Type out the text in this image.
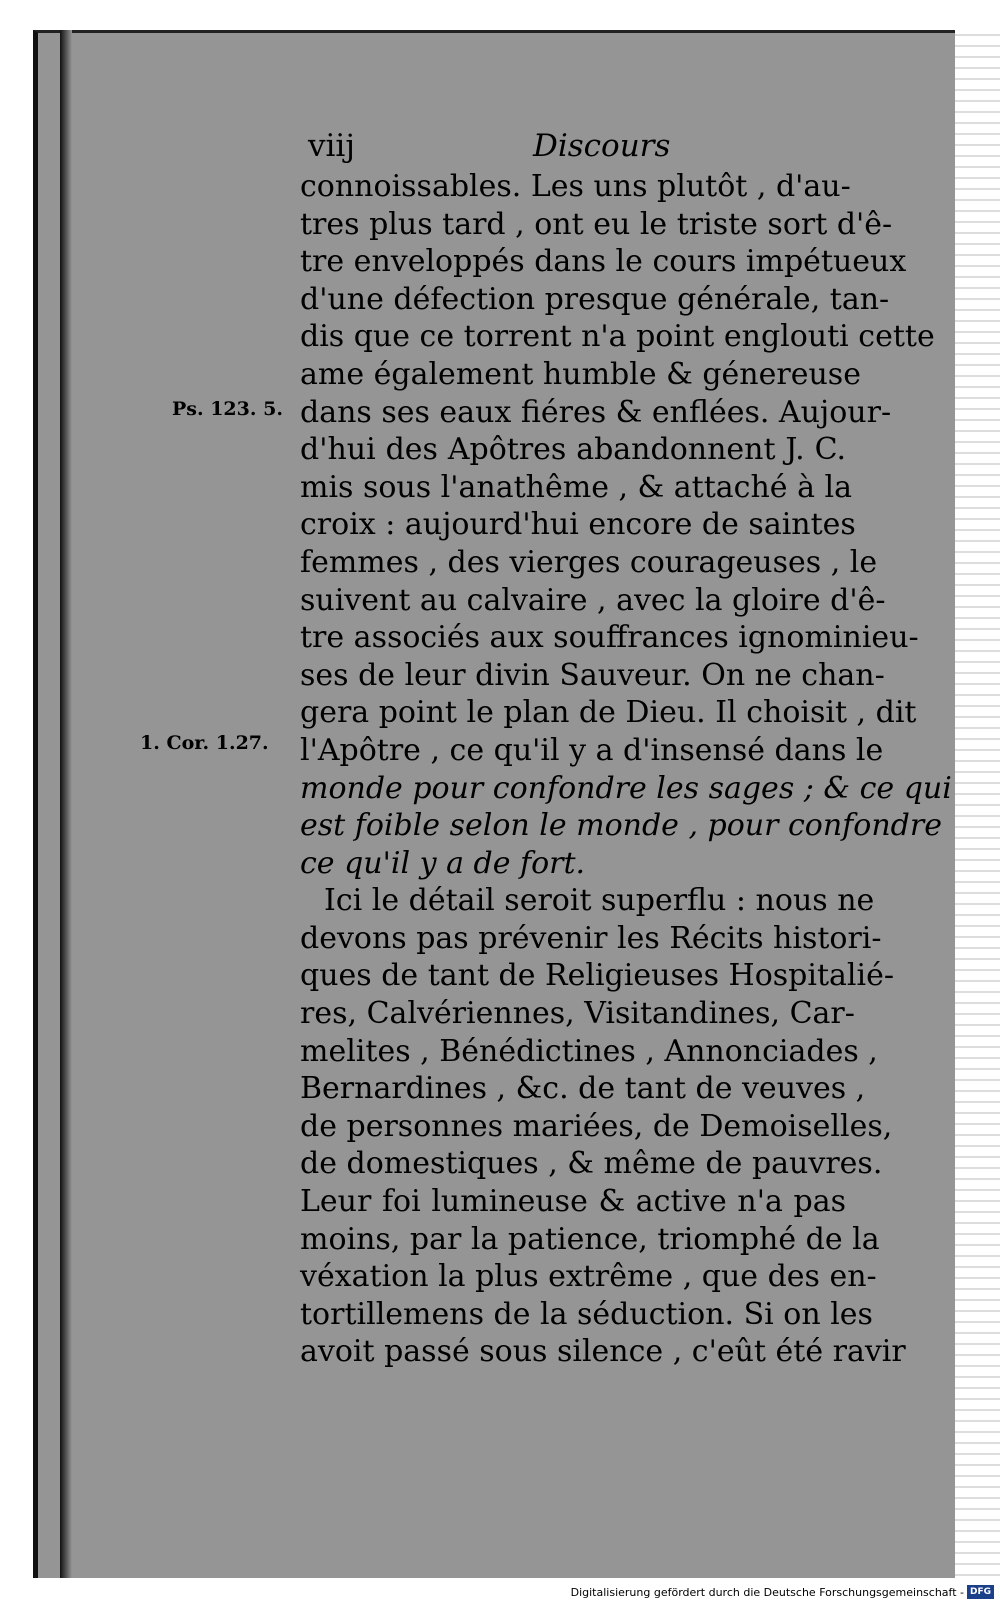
viij	Discours
Ps. 123. 5.
1. Cor. 1.27.
connoissables. Les uns plutôt , d'au-
tres plus tard , ont eu le triste sort d'ê-
tre enveloppés dans le cours impétueux
d'une défection presque générale, tan-
dis que ce torrent n'a point englouti cette
ame également humble & génereuse
dans ses eaux fiéres & enflées. Aujour-
d'hui des Apôtres abandonnent J. C.
mis sous l'anathême , & attaché à la
croix : aujourd'hui encore de saintes
femmes , des vierges courageuses , le
suivent au calvaire , avec la gloire d'ê-
tre associés aux souffrances ignominieu-
ses de leur divin Sauveur. On ne chan-
gera point le plan de Dieu. Il choisit , dit
l'Apôtre , ce qu'il y a d'insensé dans le
monde pour confondre les sages ; & ce qui
est foible selon le monde , pour confondre
ce qu'il y a de fort.
Ici le détail seroit superflu : nous ne
devons pas prévenir les Récits histori-
ques de tant de Religieuses Hospitalié-
res, Calvériennes, Visitandines, Car-
melites , Bénédictines , Annonciades ,
Bernardines , &c. de tant de veuves ,
de personnes mariées, de Demoiselles,
de domestiques , & même de pauvres.
Leur foi lumineuse & active n'a pas
moins, par la patience, triomphé de la
véxation la plus extrême , que des en-
tortillemens de la séduction. Si on les
avoit passé sous silence , c'eût été ravir
Digitalisierung gefördert durch die Deutsche Forschungsgemeinschaft - DFG
